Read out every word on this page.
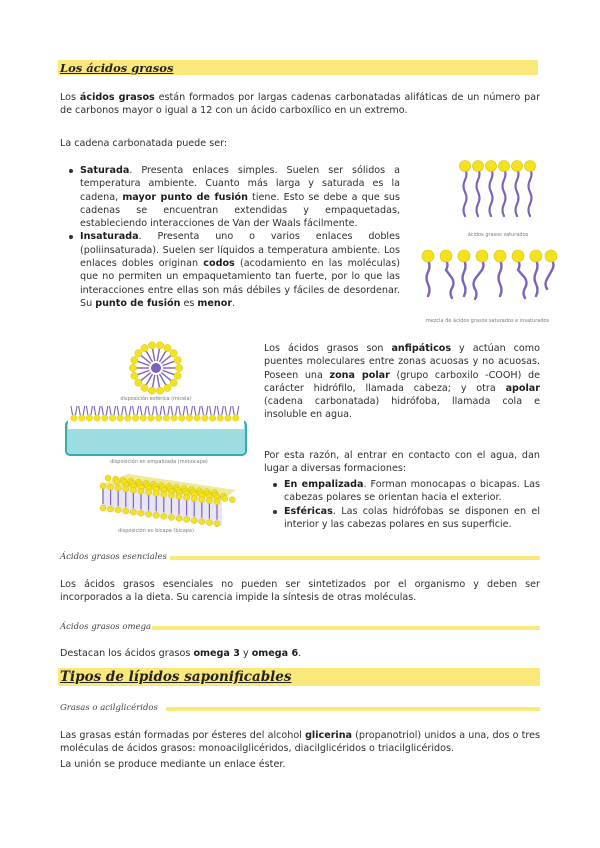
Los ácidos grasos
Los ácidos grasos están formados por largas cadenas carbonatadas alifáticas de un número par de carbonos mayor o igual a 12 con un ácido carboxílico en un extremo.
La cadena carbonatada puede ser:
Saturada. Presenta enlaces simples. Suelen ser sólidos a temperatura ambiente. Cuanto más larga y saturada es la cadena, mayor punto de fusión tiene. Esto se debe a que sus cadenas se encuentran extendidas y empaquetadas, estableciendo interacciones de Van der Waals fácilmente.
Insaturada. Presenta uno o varios enlaces dobles (poliinsaturada). Suelen ser líquidos a temperatura ambiente. Los enlaces dobles originan codos (acodamiento en las moléculas) que no permiten un empaquetamiento tan fuerte, por lo que las interacciones entre ellas son más débiles y fáciles de desordenar. Su punto de fusión es menor.
ácidos grasos saturados
mezcla de ácidos grasos saturados e insaturados
disposición esférica (micela)
disposición en empalizada (monocapa)
disposición en bicapa (bicapa)
Los ácidos grasos son anfipáticos y actúan como puentes moleculares entre zonas acuosas y no acuosas. Poseen una zona polar (grupo carboxilo -COOH) de carácter hidrófilo, llamada cabeza; y otra apolar (cadena carbonatada) hidrófoba, llamada cola e insoluble en agua.
Por esta razón, al entrar en contacto con el agua, dan lugar a diversas formaciones:
En empalizada. Forman monocapas o bicapas. Las cabezas polares se orientan hacia el exterior.
Esféricas. Las colas hidrófobas se disponen en el interior y las cabezas polares en sus superficie.
Ácidos grasos esenciales
Los ácidos grasos esenciales no pueden ser sintetizados por el organismo y deben ser incorporados a la dieta. Su carencia impide la síntesis de otras moléculas.
Ácidos grasos omega
Destacan los ácidos grasos omega 3 y omega 6.
Tipos de lípidos saponificables
Grasas o acilglicéridos
Las grasas están formadas por ésteres del alcohol glicerina (propanotriol) unidos a una, dos o tres moléculas de ácidos grasos: monoacilglicéridos, diacilglicéridos o triacilglicéridos.
La unión se produce mediante un enlace éster.
